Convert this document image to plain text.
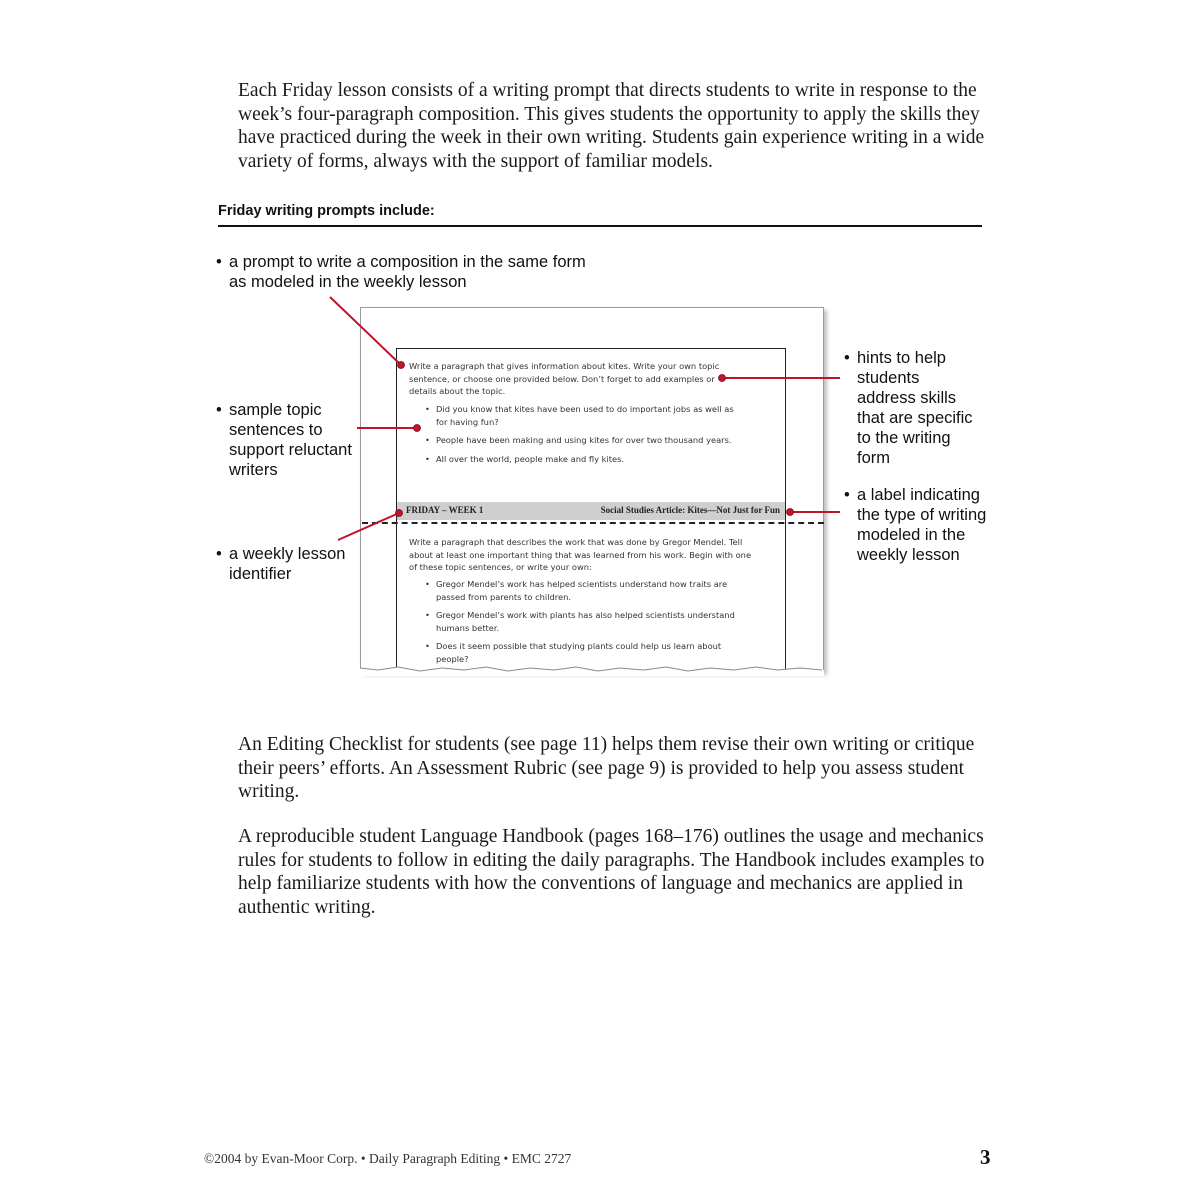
Each Friday lesson consists of a writing prompt that directs students to write in response to the week’s four-paragraph composition. This gives students the opportunity to apply the skills they have practiced during the week in their own writing. Students gain experience writing in a wide variety of forms, always with the support of familiar models.

Friday writing prompts include:
• a prompt to write a composition in the same form as modeled in the weekly lesson
• sample topic sentences to support reluctant writers
• a weekly lesson identifier
• hints to help students address skills that are specific to the writing form
• a label indicating the type of writing modeled in the weekly lesson

Write a paragraph that gives information about kites. Write your own topic sentence, or choose one provided below. Don’t forget to add examples or details about the topic.

• Did you know that kites have been used to do important jobs as well as for having fun?
• People have been making and using kites for over two thousand years.
• All over the world, people make and fly kites.
FRIDAY – WEEK 1	Social Studies Article: Kites—Not Just for Fun

Write a paragraph that describes the work that was done by Gregor Mendel. Tell about at least one important thing that was learned from his work. Begin with one of these topic sentences, or write your own:

• Gregor Mendel’s work has helped scientists understand how traits are passed from parents to children.
• Gregor Mendel’s work with plants has also helped scientists understand humans better.
• Does it seem possible that studying plants could help us learn about people?

An Editing Checklist for students (see page 11) helps them revise their own writing or critique their peers’ efforts. An Assessment Rubric (see page 9) is provided to help you assess student writing.

A reproducible student Language Handbook (pages 168–176) outlines the usage and mechanics rules for students to follow in editing the daily paragraphs. The Handbook includes examples to help familiarize students with how the conventions of language and mechanics are applied in authentic writing.

©2004 by Evan-Moor Corp. • Daily Paragraph Editing • EMC 2727	3
